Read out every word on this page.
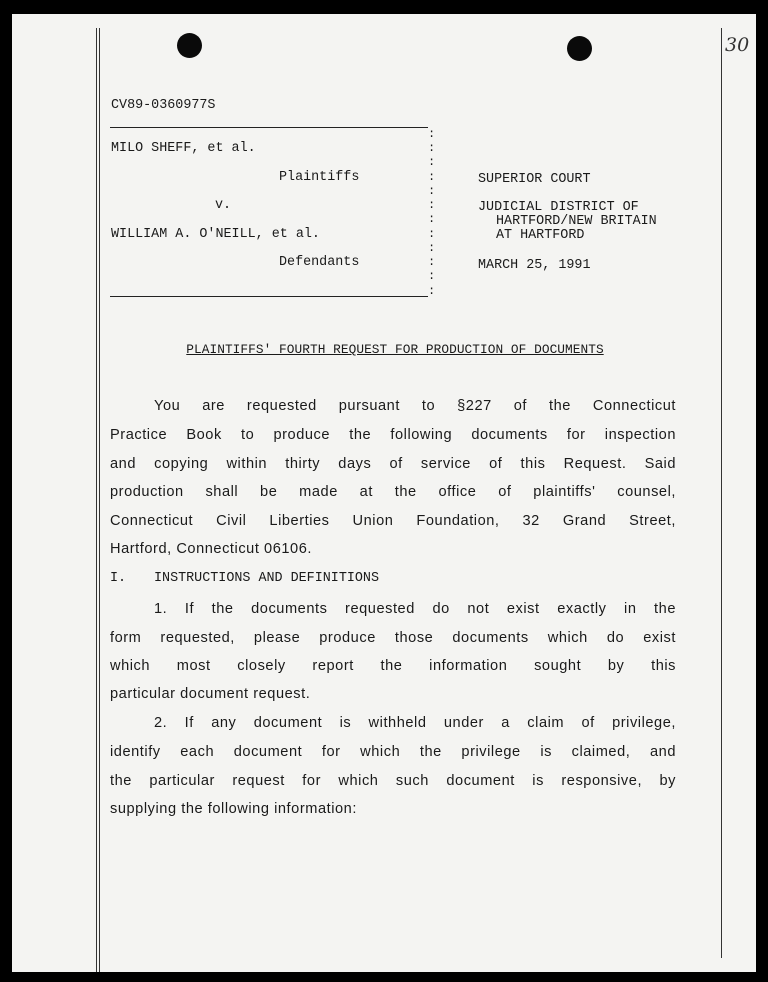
30
CV89-0360977S
MILO SHEFF, et al.
Plaintiffs
v.
WILLIAM A. O'NEILL, et al.
Defendants
:
:
:
:
:
:
:
:
:
:
:
:
SUPERIOR COURT
JUDICIAL DISTRICT OF
HARTFORD/NEW BRITAIN
AT HARTFORD
MARCH 25, 1991
PLAINTIFFS' FOURTH REQUEST FOR PRODUCTION OF DOCUMENTS
You are requested pursuant to §227 of the Connecticut
Practice Book to produce the following documents for inspection
and copying within thirty days of service of this Request. Said
production shall be made at the office of plaintiffs' counsel,
Connecticut Civil Liberties Union Foundation, 32 Grand Street,
Hartford, Connecticut 06106.
I. INSTRUCTIONS AND DEFINITIONS
1. If the documents requested do not exist exactly in the
form requested, please produce those documents which do exist
which most closely report the information sought by this
particular document request.
2. If any document is withheld under a claim of privilege,
identify each document for which the privilege is claimed, and
the particular request for which such document is responsive, by
supplying the following information:
